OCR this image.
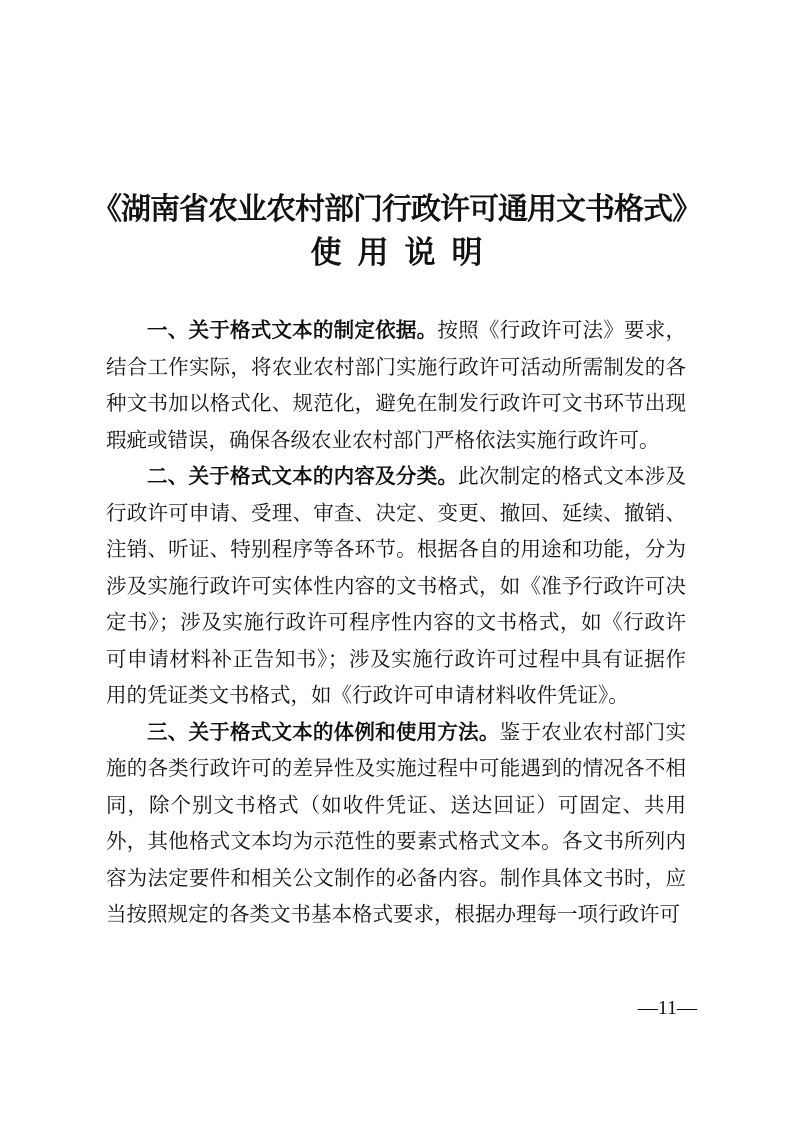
《湖南省农业农村部门行政许可通用文书格式》
使用说明

一、关于格式文本的制定依据。按照《行政许可法》要求，结合工作实际，将农业农村部门实施行政许可活动所需制发的各种文书加以格式化、规范化，避免在制发行政许可文书环节出现瑕疵或错误，确保各级农业农村部门严格依法实施行政许可。

二、关于格式文本的内容及分类。此次制定的格式文本涉及行政许可申请、受理、审查、决定、变更、撤回、延续、撤销、注销、听证、特别程序等各环节。根据各自的用途和功能，分为涉及实施行政许可实体性内容的文书格式，如《准予行政许可决定书》；涉及实施行政许可程序性内容的文书格式，如《行政许可申请材料补正告知书》；涉及实施行政许可过程中具有证据作用的凭证类文书格式，如《行政许可申请材料收件凭证》。

三、关于格式文本的体例和使用方法。鉴于农业农村部门实施的各类行政许可的差异性及实施过程中可能遇到的情况各不相同，除个别文书格式（如收件凭证、送达回证）可固定、共用外，其他格式文本均为示范性的要素式格式文本。各文书所列内容为法定要件和相关公文制作的必备内容。制作具体文书时，应当按照规定的各类文书基本格式要求，根据办理每一项行政许可

—11—
